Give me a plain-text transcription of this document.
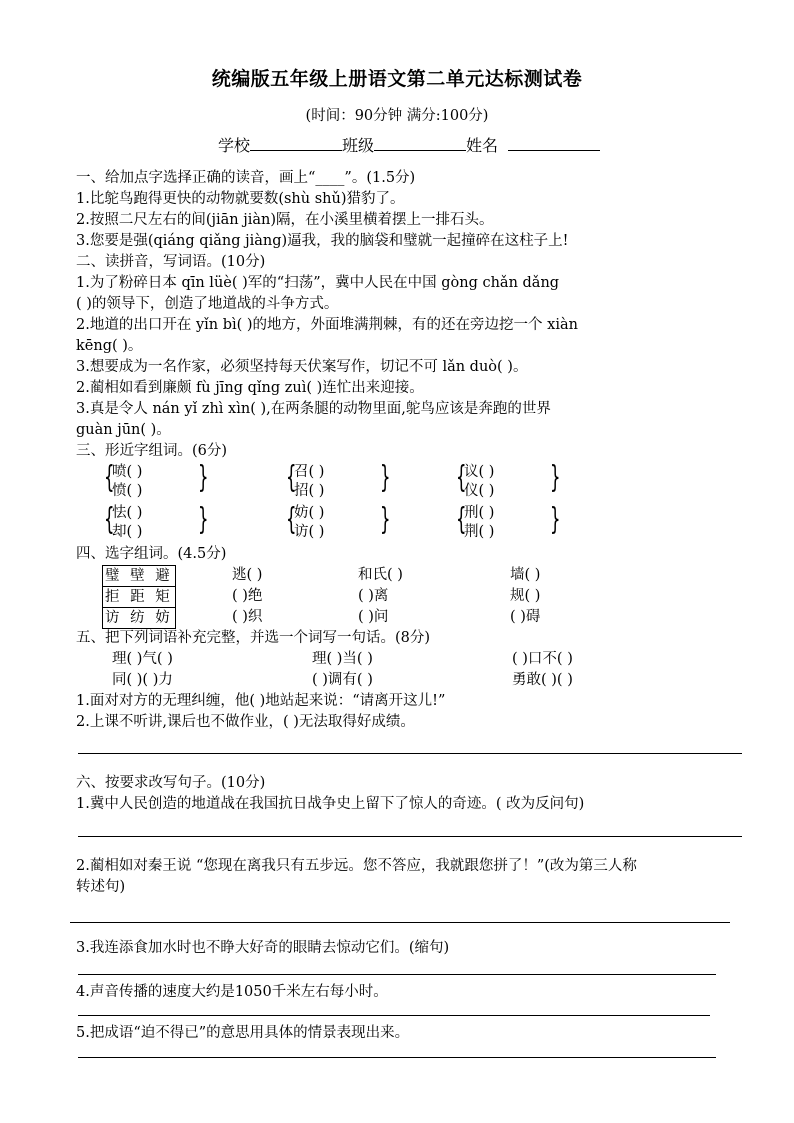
统编版五年级上册语文第二单元达标测试卷
(时间：90分钟 满分:100分)
学校	班级	姓名
一、给加点字选择正确的读音，画上“____”。(1.5分)
1.比鸵鸟跑得更快的动物就要数(shù shǔ)猎豹了。
2.按照二尺左右的间(jiān jiàn)隔，在小溪里横着摆上一排石头。
3.您要是强(qiáng qiǎng jiàng)逼我，我的脑袋和璧就一起撞碎在这柱子上!
二、读拼音，写词语。(10分)
1.为了粉碎日本 qīn lüè( )军的“扫荡”，冀中人民在中国 gòng chǎn dǎng
( )的领导下，创造了地道战的斗争方式。
2.地道的出口开在 yǐn bì( )的地方，外面堆满荆棘，有的还在旁边挖一个 xiàn
kēng( )。
3.想要成为一名作家，必须坚持每天伏案写作，切记不可 lǎn duò( )。
2.蔺相如看到廉颇 fù jīng qǐng zuì( )连忙出来迎接。
3.真是令人 nán yǐ zhì xìn( ),在两条腿的动物里面,鸵鸟应该是奔跑的世界
guàn jūn( )。
三、形近字组词。(6分)
{
喷( )
愤( ) }	{
召( )
招( ) } {
议( )
仪( ) }
{
怯( )
却( ) }	{
妨( )
访( ) } {
刑( )
荆( ) }
四、选字组词。(4.5分)
璧 壁 避	逃( )	和氏( )	墙( )
拒 距 矩	( )绝	( )离	规( )
访 纺 妨	( )织	( )问	( )碍
五、把下列词语补充完整，并选一个词写一句话。(8分)
理( )气( )	理( )当( )	( )口不( )
同( )( )力	( )调有( )	勇敢( )( )
1.面对对方的无理纠缠，他( )地站起来说：“请离开这儿!”
2.上课不听讲,课后也不做作业，( )无法取得好成绩。
六、按要求改写句子。(10分)
1.冀中人民创造的地道战在我国抗日战争史上留下了惊人的奇迹。( 改为反问句)
2.蔺相如对秦王说 “您现在离我只有五步远。您不答应，我就跟您拼了！”(改为第三人称
转述句)
3.我连添食加水时也不睁大好奇的眼睛去惊动它们。(缩句)
4.声音传播的速度大约是1050千米左右每小时。
5.把成语“迫不得已”的意思用具体的情景表现出来。
